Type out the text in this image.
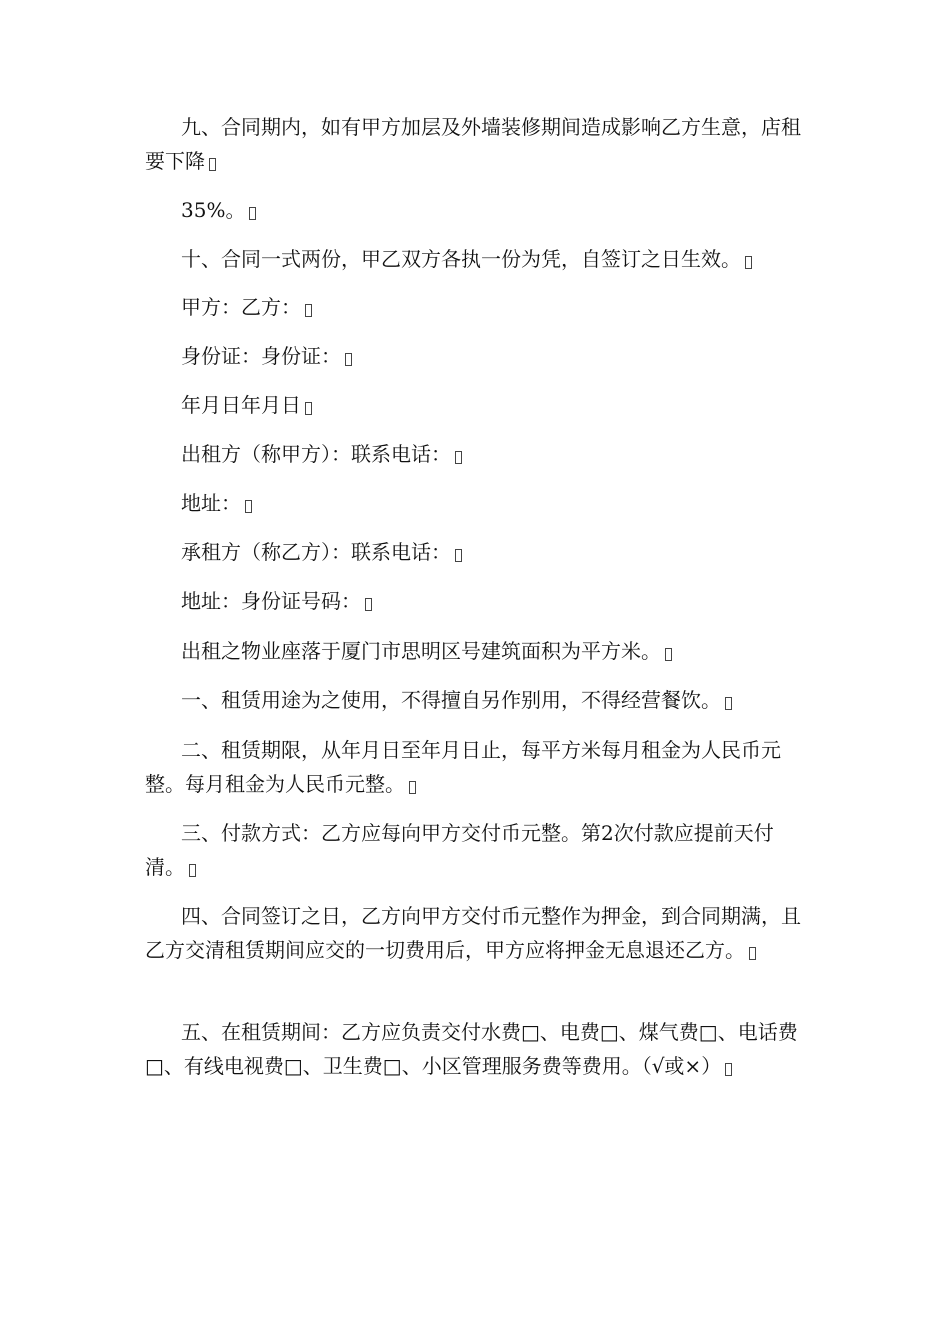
九、合同期内，如有甲方加层及外墙装修期间造成影响乙方生意，店租要下降

35%。

十、合同一式两份，甲乙双方各执一份为凭，自签订之日生效。

甲方：乙方：

身份证：身份证：

年月日年月日

出租方（称甲方）：联系电话：

地址：

承租方（称乙方）：联系电话：

地址：身份证号码：

出租之物业座落于厦门市思明区号建筑面积为平方米。

一、租赁用途为之使用，不得擅自另作别用，不得经营餐饮。

二、租赁期限，从年月日至年月日止，每平方米每月租金为人民币元整。每月租金为人民币元整。

三、付款方式：乙方应每向甲方交付币元整。第2次付款应提前天付清。

四、合同签订之日，乙方向甲方交付币元整作为押金，到合同期满，且乙方交清租赁期间应交的一切费用后，甲方应将押金无息退还乙方。

五、在租赁期间：乙方应负责交付水费□、电费□、煤气费□、电话费□、有线电视费□、卫生费□、小区管理服务费等费用。（√或×）
